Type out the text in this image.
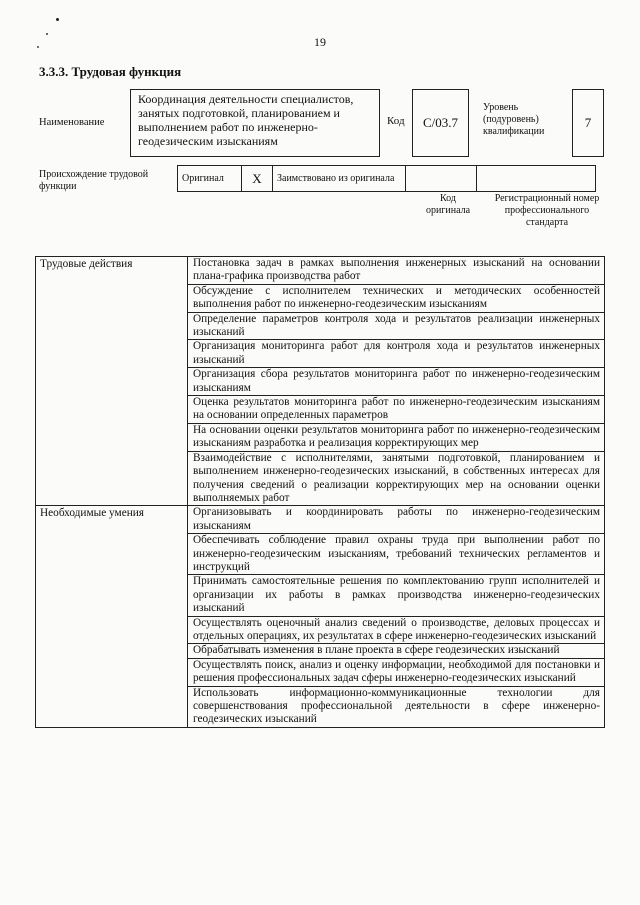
19
3.3.3. Трудовая функция
Наименование
Координация деятельности специалистов, занятых подготовкой, планированием и выполнением работ по инженерно-геодезическим изысканиям
Код	С/03.7
Уровень (подуровень) квалификации
7
Происхождение трудовой функции
Оригинал	X	Заимствовано из оригинала		
Код оригинала
Регистрационный номер профессионального стандарта
Трудовые действия	Постановка задач в рамках выполнения инженерных изысканий на основании плана-графика производства работ
	Обсуждение с исполнителем технических и методических особенностей выполнения работ по инженерно-геодезическим изысканиям
	Определение параметров контроля хода и результатов реализации инженерных изысканий
	Организация мониторинга работ для контроля хода и результатов инженерных изысканий
	Организация сбора результатов мониторинга работ по инженерно-геодезическим изысканиям
	Оценка результатов мониторинга работ по инженерно-геодезическим изысканиям на основании определенных параметров
	На основании оценки результатов мониторинга работ по инженерно-геодезическим изысканиям разработка и реализация корректирующих мер
	Взаимодействие с исполнителями, занятыми подготовкой, планированием и выполнением инженерно-геодезических изысканий, в собственных интересах для получения сведений о реализации корректирующих мер на основании оценки выполняемых работ
Необходимые умения	Организовывать и координировать работы по инженерно-геодезическим изысканиям
	Обеспечивать соблюдение правил охраны труда при выполнении работ по инженерно-геодезическим изысканиям, требований технических регламентов и инструкций
	Принимать самостоятельные решения по комплектованию групп исполнителей и организации их работы в рамках производства инженерно-геодезических изысканий
	Осуществлять оценочный анализ сведений о производстве, деловых процессах и отдельных операциях, их результатах в сфере инженерно-геодезических изысканий
	Обрабатывать изменения в плане проекта в сфере геодезических изысканий
	Осуществлять поиск, анализ и оценку информации, необходимой для постановки и решения профессиональных задач сферы инженерно-геодезических изысканий
	Использовать информационно-коммуникационные технологии для совершенствования профессиональной деятельности в сфере инженерно-геодезических изысканий
